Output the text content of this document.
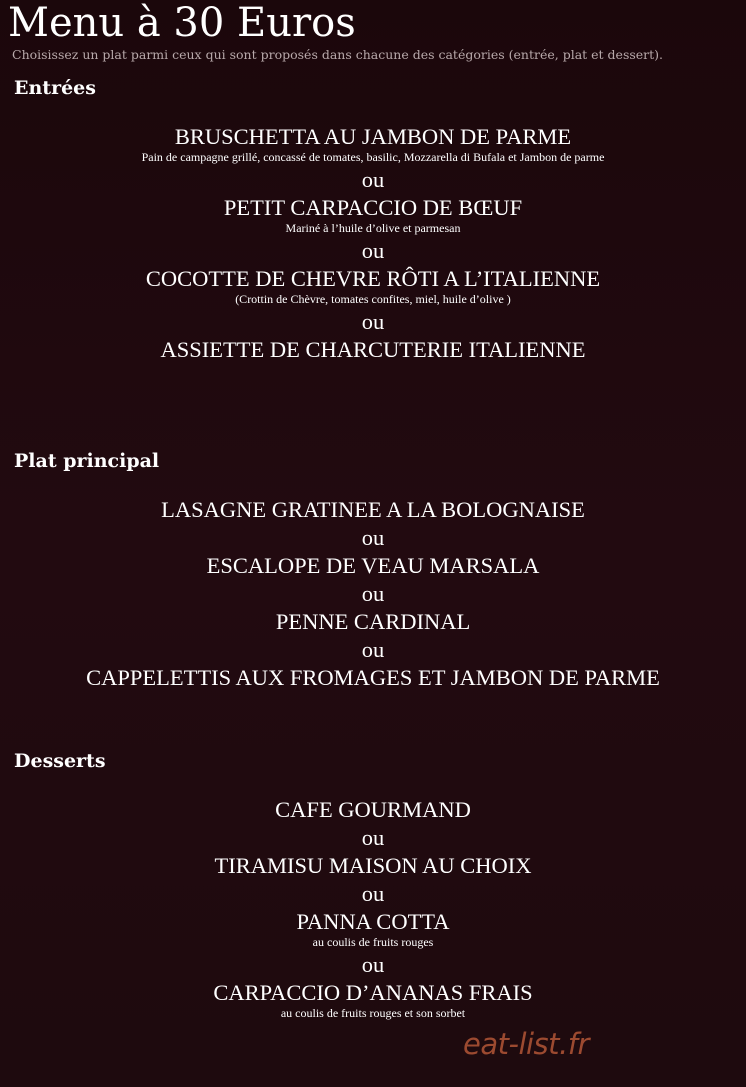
Menu à 30 Euros
Choisissez un plat parmi ceux qui sont proposés dans chacune des catégories (entrée, plat et dessert).
Entrées
BRUSCHETTA AU JAMBON DE PARME
Pain de campagne grillé, concassé de tomates, basilic, Mozzarella di Bufala et Jambon de parme
ou
PETIT CARPACCIO DE BŒUF
Mariné à l’huile d’olive et parmesan
ou
COCOTTE DE CHEVRE RÔTI A L’ITALIENNE
(Crottin de Chèvre, tomates confites, miel, huile d’olive )
ou
ASSIETTE DE CHARCUTERIE ITALIENNE
Plat principal
LASAGNE GRATINEE A LA BOLOGNAISE
ou
ESCALOPE DE VEAU MARSALA
ou
PENNE CARDINAL
ou
CAPPELETTIS AUX FROMAGES ET JAMBON DE PARME
Desserts
CAFE GOURMAND
ou
TIRAMISU MAISON AU CHOIX
ou
PANNA COTTA
au coulis de fruits rouges
ou
CARPACCIO D’ANANAS FRAIS
au coulis de fruits rouges et son sorbet
eat-list.fr
